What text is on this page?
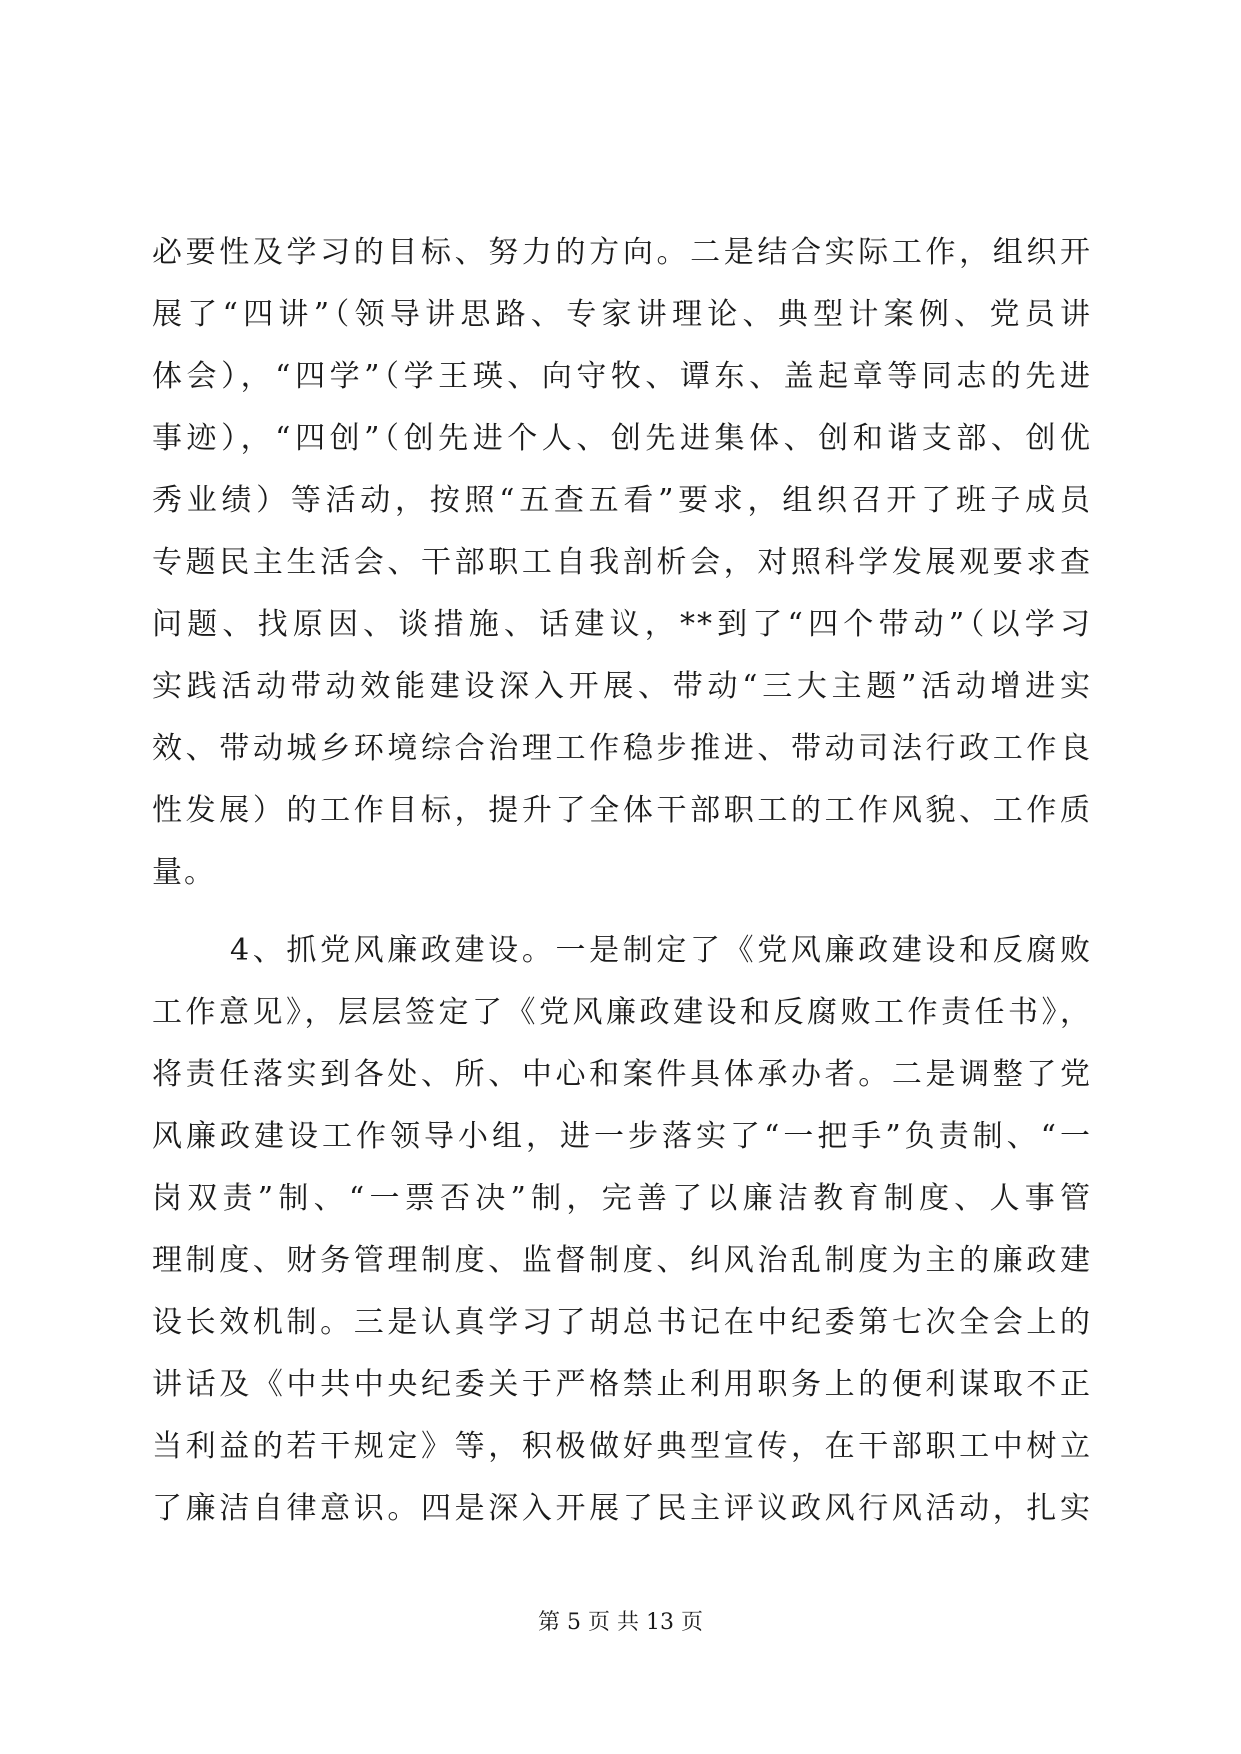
必要性及学习的目标、努力的方向。二是结合实际工作，组织开
展了“四讲”（领导讲思路、专家讲理论、典型计案例、党员讲
体会），“四学”（学王瑛、向守牧、谭东、盖起章等同志的先进
事迹），“四创”（创先进个人、创先进集体、创和谐支部、创优
秀业绩）等活动，按照“五查五看”要求，组织召开了班子成员
专题民主生活会、干部职工自我剖析会，对照科学发展观要求查
问题、找原因、谈措施、话建议，**到了“四个带动”（以学习
实践活动带动效能建设深入开展、带动“三大主题”活动增进实
效、带动城乡环境综合治理工作稳步推进、带动司法行政工作良
性发展）的工作目标，提升了全体干部职工的工作风貌、工作质
量。
4、抓党风廉政建设。一是制定了《党风廉政建设和反腐败
工作意见》，层层签定了《党风廉政建设和反腐败工作责任书》，
将责任落实到各处、所、中心和案件具体承办者。二是调整了党
风廉政建设工作领导小组，进一步落实了“一把手”负责制、“一
岗双责”制、“一票否决”制，完善了以廉洁教育制度、人事管
理制度、财务管理制度、监督制度、纠风治乱制度为主的廉政建
设长效机制。三是认真学习了胡总书记在中纪委第七次全会上的
讲话及《中共中央纪委关于严格禁止利用职务上的便利谋取不正
当利益的若干规定》等，积极做好典型宣传，在干部职工中树立
了廉洁自律意识。四是深入开展了民主评议政风行风活动，扎实
第 5 页 共 13 页
